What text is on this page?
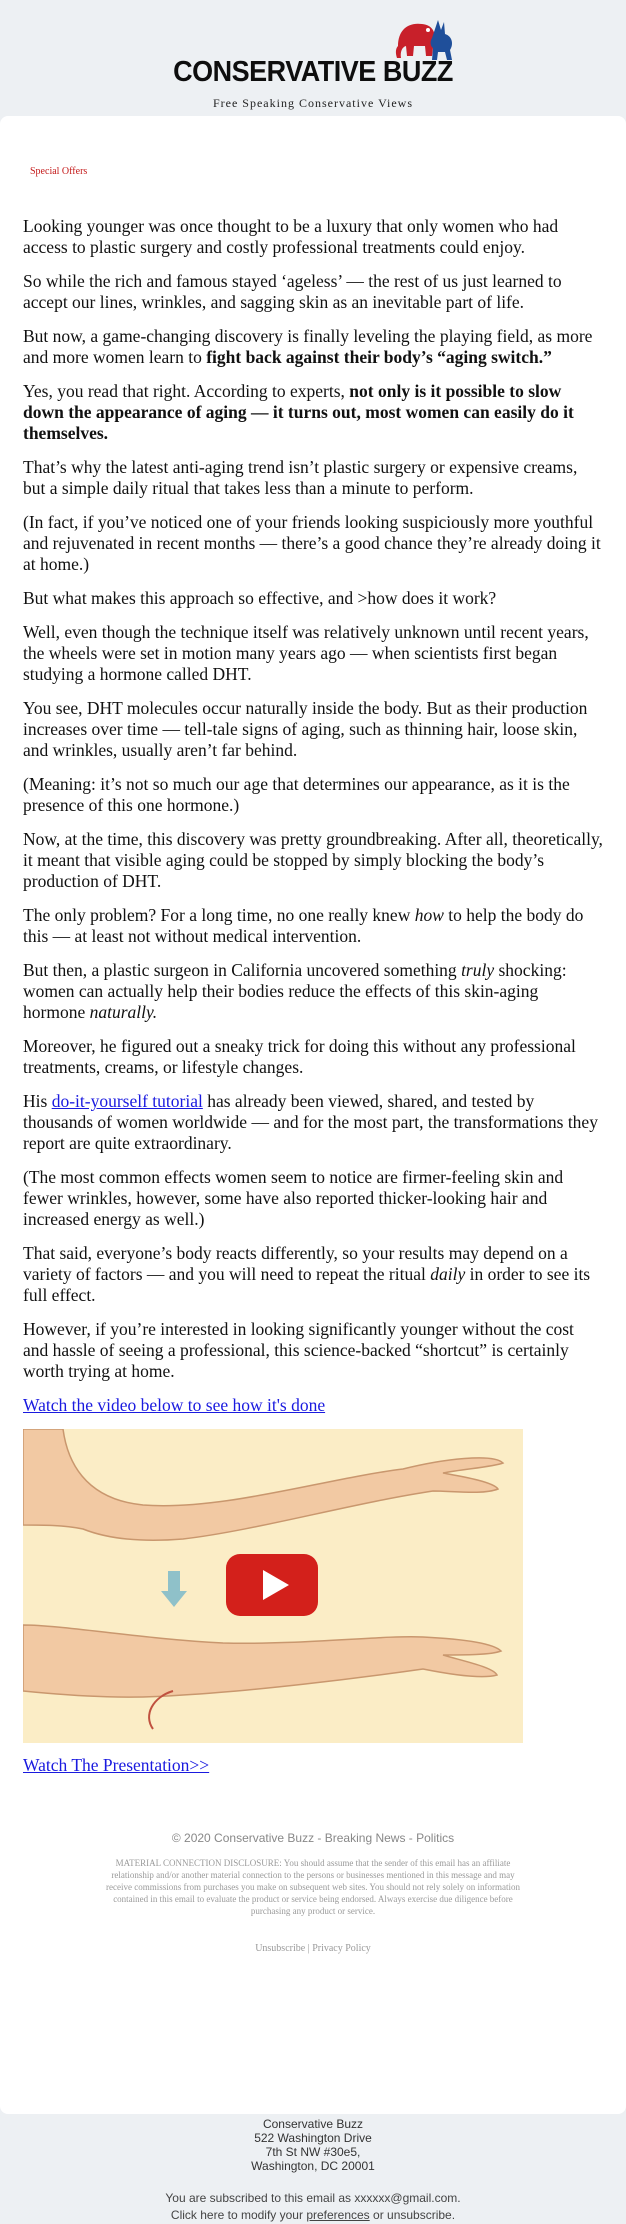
CONSERVATIVE BUZZ
Free Speaking Conservative Views
Special Offers

Looking younger was once thought to be a luxury that only women who had access to plastic surgery and costly professional treatments could enjoy.

So while the rich and famous stayed ‘ageless’ — the rest of us just learned to accept our lines, wrinkles, and sagging skin as an inevitable part of life.

But now, a game-changing discovery is finally leveling the playing field, as more and more women learn to fight back against their body’s “aging switch.”

Yes, you read that right. According to experts, not only is it possible to slow down the appearance of aging — it turns out, most women can easily do it themselves.

That’s why the latest anti-aging trend isn’t plastic surgery or expensive creams, but a simple daily ritual that takes less than a minute to perform.

(In fact, if you’ve noticed one of your friends looking suspiciously more youthful and rejuvenated in recent months — there’s a good chance they’re already doing it at home.)

But what makes this approach so effective, and >how does it work?

Well, even though the technique itself was relatively unknown until recent years, the wheels were set in motion many years ago — when scientists first began studying a hormone called DHT.

You see, DHT molecules occur naturally inside the body. But as their production increases over time — tell-tale signs of aging, such as thinning hair, loose skin, and wrinkles, usually aren’t far behind.

(Meaning: it’s not so much our age that determines our appearance, as it is the presence of this one hormone.)

Now, at the time, this discovery was pretty groundbreaking. After all, theoretically, it meant that visible aging could be stopped by simply blocking the body’s production of DHT.

The only problem? For a long time, no one really knew how to help the body do this — at least not without medical intervention.

But then, a plastic surgeon in California uncovered something truly shocking: women can actually help their bodies reduce the effects of this skin-aging hormone naturally.

Moreover, he figured out a sneaky trick for doing this without any professional treatments, creams, or lifestyle changes.

His do-it-yourself tutorial has already been viewed, shared, and tested by thousands of women worldwide — and for the most part, the transformations they report are quite extraordinary.

(The most common effects women seem to notice are firmer-feeling skin and fewer wrinkles, however, some have also reported thicker-looking hair and increased energy as well.)

That said, everyone’s body reacts differently, so your results may depend on a variety of factors — and you will need to repeat the ritual daily in order to see its full effect.

However, if you’re interested in looking significantly younger without the cost and hassle of seeing a professional, this science-backed “shortcut” is certainly worth trying at home.

Watch the video below to see how it's done

Watch The Presentation>>

© 2020 Conservative Buzz - Breaking News - Politics
MATERIAL CONNECTION DISCLOSURE: You should assume that the sender of this email has an affiliate relationship and/or another material connection to the persons or businesses mentioned in this message and may receive commissions from purchases you make on subsequent web sites. You should not rely solely on information contained in this email to evaluate the product or service being endorsed. Always exercise due diligence before purchasing any product or service.
Unsubscribe | Privacy Policy
Conservative Buzz
522 Washington Drive
7th St NW #30e5,
Washington, DC 20001
You are subscribed to this email as xxxxxx@gmail.com.
Click here to modify your preferences or unsubscribe.
